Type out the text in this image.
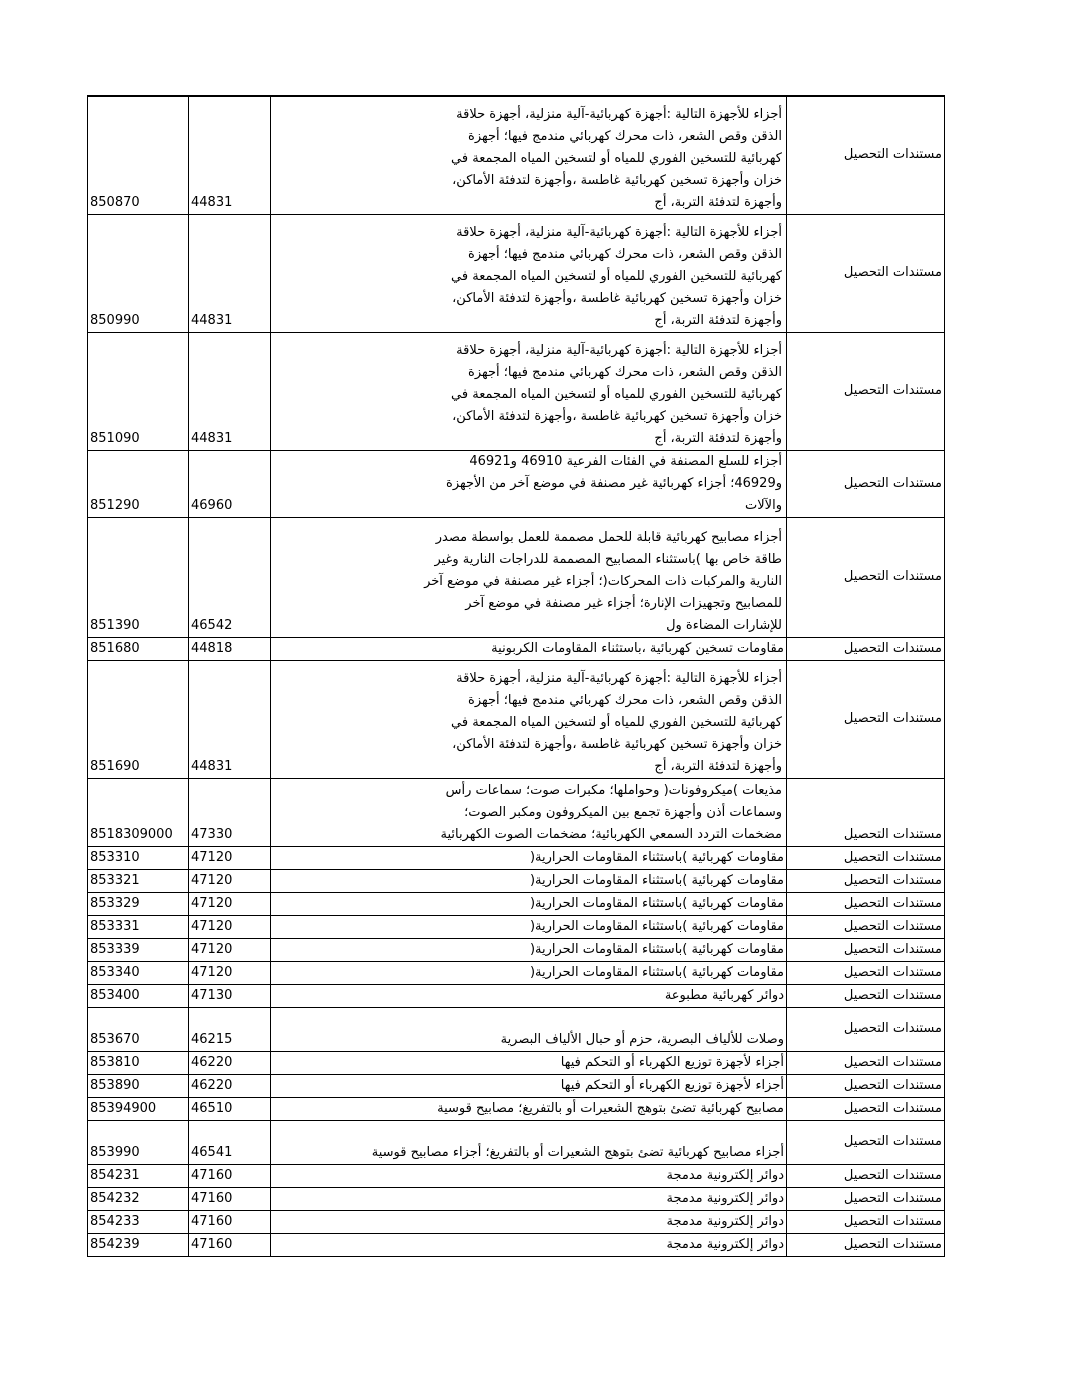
850870	44831	أجزاء للأجهزة التالية :أجهزة كهربائية-آلية منزلية، أجهزة حلاقة الذقن وقص الشعر، ذات محرك كهربائي مندمج فيها؛ أجهزة كهربائية للتسخين الفوري للمياه أو لتسخين المياه المجمعة في خزان وأجهزة تسخين كهربائية غاطسة ،وأجهزة لتدفئة الأماكن، وأجهزة لتدفئة التربة، أج	مستندات التحصيل
850990	44831	أجزاء للأجهزة التالية :أجهزة كهربائية-آلية منزلية، أجهزة حلاقة الذقن وقص الشعر، ذات محرك كهربائي مندمج فيها؛ أجهزة كهربائية للتسخين الفوري للمياه أو لتسخين المياه المجمعة في خزان وأجهزة تسخين كهربائية غاطسة ،وأجهزة لتدفئة الأماكن، وأجهزة لتدفئة التربة، أج	مستندات التحصيل
851090	44831	أجزاء للأجهزة التالية :أجهزة كهربائية-آلية منزلية، أجهزة حلاقة الذقن وقص الشعر، ذات محرك كهربائي مندمج فيها؛ أجهزة كهربائية للتسخين الفوري للمياه أو لتسخين المياه المجمعة في خزان وأجهزة تسخين كهربائية غاطسة ،وأجهزة لتدفئة الأماكن، وأجهزة لتدفئة التربة، أج	مستندات التحصيل
851290	46960	أجزاء للسلع المصنفة في الفئات الفرعية 46910 و46921 و46929؛ أجزاء كهربائية غير مصنفة في موضع آخر من الأجهزة والآلات	مستندات التحصيل
851390	46542	أجزاء مصابيح كهربائية قابلة للحمل مصممة للعمل بواسطة مصدر طاقة خاص بها )باستثناء المصابيح المصممة للدراجات النارية وغير النارية والمركبات ذات المحركات(؛ أجزاء غير مصنفة في موضع آخر للمصابيح وتجهيزات الإنارة؛ أجزاء غير مصنفة في موضع آخر للإشارات المضاءة ول	مستندات التحصيل
851680	44818	مقاومات تسخين كهربائية ،باستثناء المقاومات الكربونية	مستندات التحصيل
851690	44831	أجزاء للأجهزة التالية :أجهزة كهربائية-آلية منزلية، أجهزة حلاقة الذقن وقص الشعر، ذات محرك كهربائي مندمج فيها؛ أجهزة كهربائية للتسخين الفوري للمياه أو لتسخين المياه المجمعة في خزان وأجهزة تسخين كهربائية غاطسة ،وأجهزة لتدفئة الأماكن، وأجهزة لتدفئة التربة، أج	مستندات التحصيل
8518309000	47330	مذيعات )ميكروفونات( وحواملها؛ مكبرات صوت؛ سماعات رأس وسماعات أذن وأجهزة تجمع بين الميكروفون ومكبر الصوت؛ مضخمات التردد السمعي الكهربائية؛ مضخمات الصوت الكهربائية	مستندات التحصيل
853310	47120	مقاومات كهربائية )باستثناء المقاومات الحرارية(	مستندات التحصيل
853321	47120	مقاومات كهربائية )باستثناء المقاومات الحرارية(	مستندات التحصيل
853329	47120	مقاومات كهربائية )باستثناء المقاومات الحرارية(	مستندات التحصيل
853331	47120	مقاومات كهربائية )باستثناء المقاومات الحرارية(	مستندات التحصيل
853339	47120	مقاومات كهربائية )باستثناء المقاومات الحرارية(	مستندات التحصيل
853340	47120	مقاومات كهربائية )باستثناء المقاومات الحرارية(	مستندات التحصيل
853400	47130	دوائر كهربائية مطبوعة	مستندات التحصيل
853670	46215	وصلات للألياف البصرية، حزم أو حبال الألياف البصرية	مستندات التحصيل
853810	46220	أجزاء لأجهزة توزيع الكهرباء أو التحكم فيها	مستندات التحصيل
853890	46220	أجزاء لأجهزة توزيع الكهرباء أو التحكم فيها	مستندات التحصيل
85394900	46510	مصابيح كهربائية تضئ بتوهج الشعيرات أو بالتفريغ؛ مصابيح قوسية	مستندات التحصيل
853990	46541	أجزاء مصابيح كهربائية تضئ بتوهج الشعيرات أو بالتفريغ؛ أجزاء مصابيح قوسية	مستندات التحصيل
854231	47160	دوائر إلكترونية مدمجة	مستندات التحصيل
854232	47160	دوائر إلكترونية مدمجة	مستندات التحصيل
854233	47160	دوائر إلكترونية مدمجة	مستندات التحصيل
854239	47160	دوائر إلكترونية مدمجة	مستندات التحصيل
